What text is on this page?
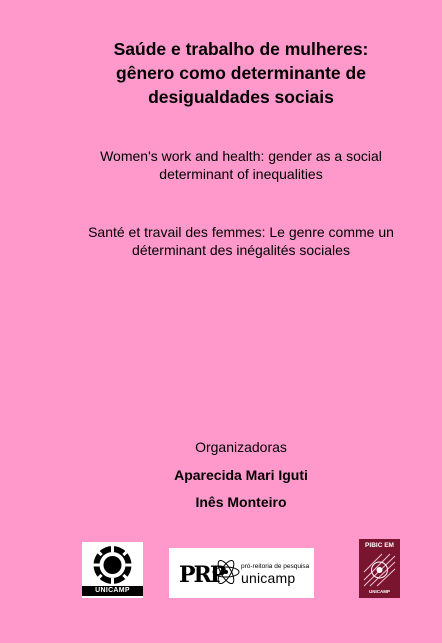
Saúde e trabalho de mulheres:
gênero como determinante de
desigualdades sociais
Women's work and health: gender as a social
determinant of inequalities
Santé et travail des femmes: Le genre comme un
déterminant des inégalités sociales
Organizadoras
Aparecida Mari Iguti
Inês Monteiro
UNICAMP
PRP	pró-reitoria de pesquisa
unicamp
PIBIC EM
UNICAMP
